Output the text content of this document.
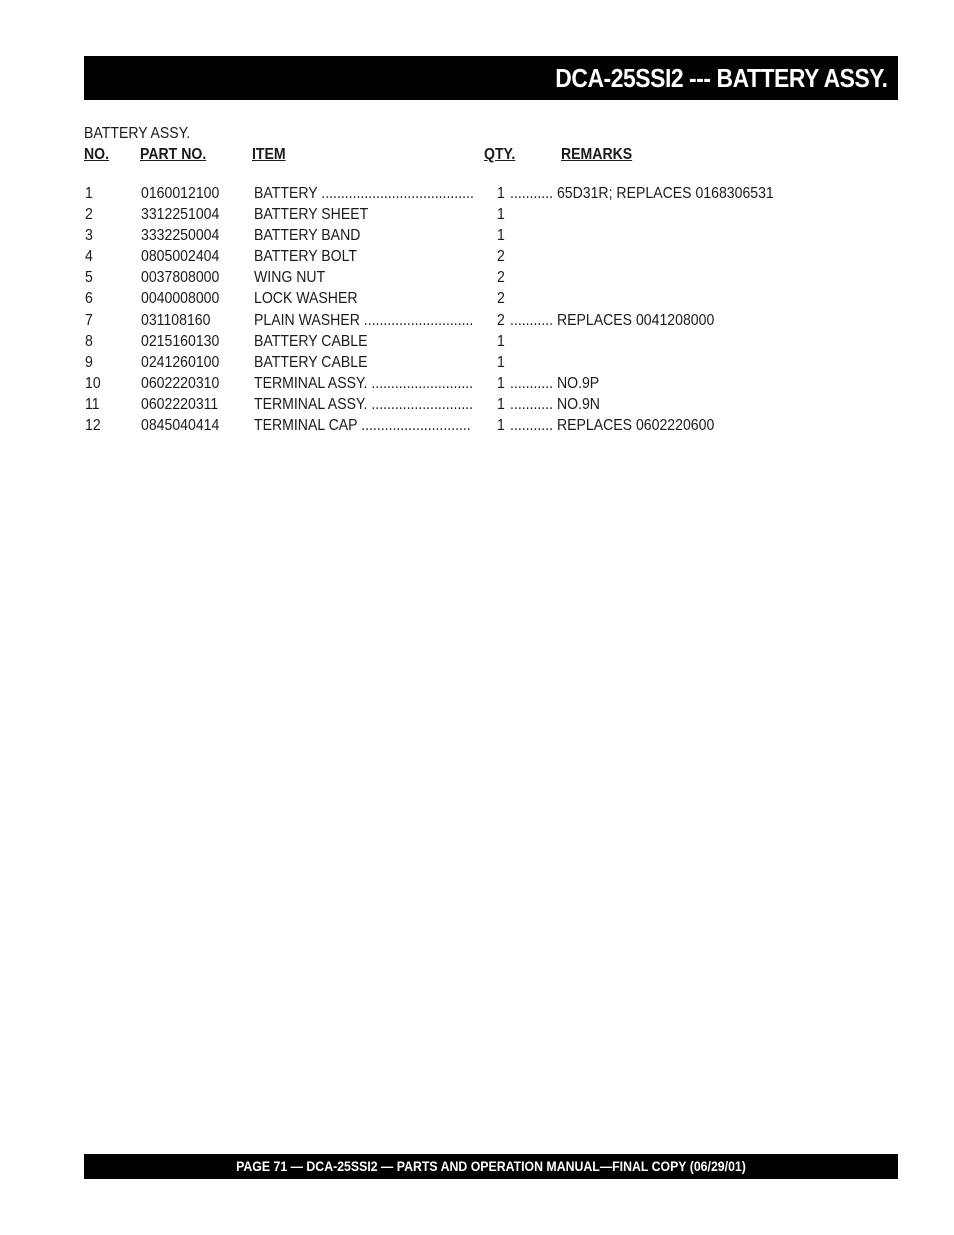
DCA-25SSI2 --- BATTERY ASSY.
BATTERY ASSY.
NO. PART NO.	ITEM	QTY.	REMARKS
1	0160012100 BATTERY ....................................... 1 ........... 65D31R; REPLACES 0168306531
2	3312251004 BATTERY SHEET	1
3	3332250004 BATTERY BAND	1
4	0805002404 BATTERY BOLT	2
5	0037808000 WING NUT	2
6	0040008000 LOCK WASHER	2
7	031108160	PLAIN WASHER ............................ 2 ........... REPLACES 0041208000
8	0215160130 BATTERY CABLE	1
9	0241260100 BATTERY CABLE	1
10	0602220310 TERMINAL ASSY. .......................... 1 ........... NO.9P
11	0602220311 TERMINAL ASSY. .......................... 1 ........... NO.9N
12	0845040414 TERMINAL CAP ............................ 1 ........... REPLACES 0602220600
PAGE 71 — DCA-25SSI2 — PARTS AND OPERATION MANUAL—FINAL COPY (06/29/01)
